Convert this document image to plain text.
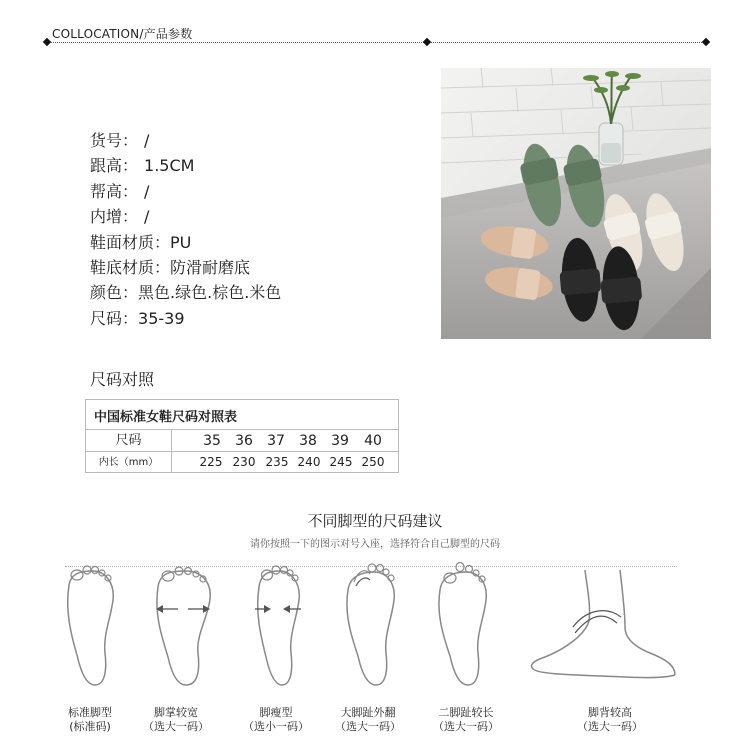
COLLOCATION/产品参数
货号： /
跟高： 1.5CM
帮高： /
内增： /
鞋面材质：PU
鞋底材质：防滑耐磨底
颜色：黑色.绿色.棕色.米色
尺码：35-39
尺码对照
中国标准女鞋尺码对照表
尺码	35 36 37 38 39 40
内长（mm）	225 230 235 240 245 250
不同脚型的尺码建议
请你按照一下的图示对号入座，选择符合自己脚型的尺码
标准脚型
(标准码)
脚掌较宽
（选大一码）
脚瘦型
（选小一码）
大脚趾外翻
（选大一码）
二脚趾较长
（选大一码）
脚背较高
（选大一码）
